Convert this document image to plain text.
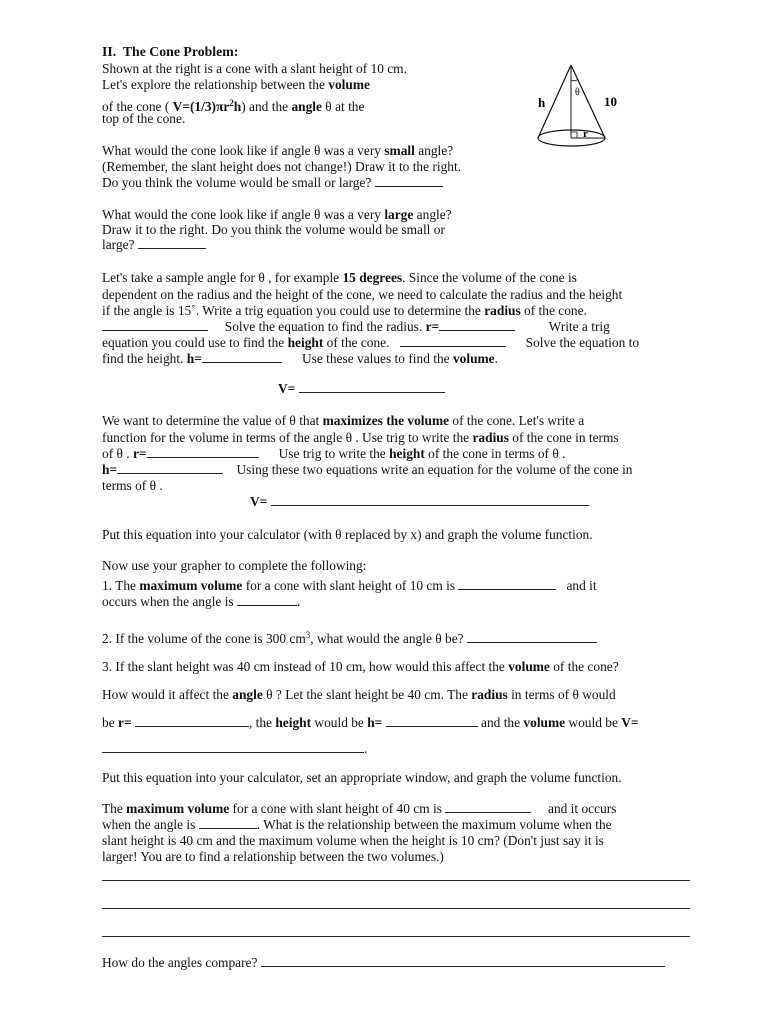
II. The Cone Problem:
Shown at the right is a cone with a slant height of 10 cm.
Let's explore the relationship between the volume
of the cone ( $V=(1/3)\pi r^2h$) and the angle θ at the
top of the cone.
h	10
θ
r
What would the cone look like if angle θ was a very small angle?
(Remember, the slant height does not change!) Draw it to the right.
Do you think the volume would be small or large?
What would the cone look like if angle θ was a very large angle?
Draw it to the right. Do you think the volume would be small or
large?
Let's take a sample angle for θ , for example 15 degrees. Since the volume of the cone is
dependent on the radius and the height of the cone, we need to calculate the radius and the height
if the angle is 15˚. Write a trig equation you could use to determine the radius of the cone.
Solve the equation to find the radius. r=	Write a trig
equation you could use to find the height of the cone.	Solve the equation to
find the height. h=	Use these values to find the volume.
V=
We want to determine the value of θ that maximizes the volume of the cone. Let's write a
function for the volume in terms of the angle θ . Use trig to write the radius of the cone in terms
of θ . r=	Use trig to write the height of the cone in terms of θ .
h=	Using these two equations write an equation for the volume of the cone in
terms of θ .
V=
Put this equation into your calculator (with θ replaced by x) and graph the volume function.
Now use your grapher to complete the following:
1. The maximum volume for a cone with slant height of 10 cm is	and it
occurs when the angle is	.
2. If the volume of the cone is 300 $cm^3$, what would the angle θ be?
3. If the slant height was 40 cm instead of 10 cm, how would this affect the volume of the cone?
How would it affect the angle θ ? Let the slant height be 40 cm. The radius in terms of θ would
be r=	, the height would be h=	and the volume would be V=
.
Put this equation into your calculator, set an appropriate window, and graph the volume function.
The maximum volume for a cone with slant height of 40 cm is	and it occurs
when the angle is	. What is the relationship between the maximum volume when the
slant height is 40 cm and the maximum volume when the height is 10 cm? (Don't just say it is
larger! You are to find a relationship between the two volumes.)
How do the angles compare?
